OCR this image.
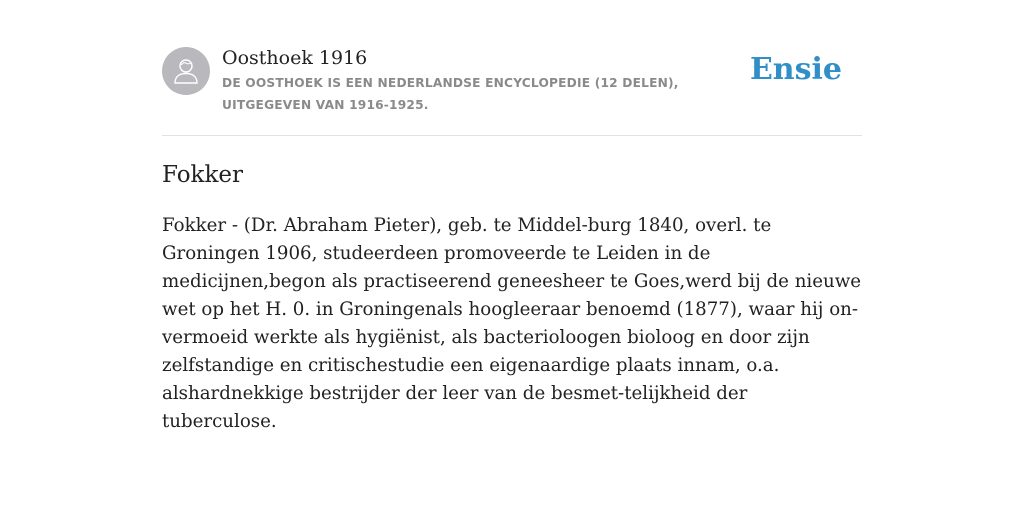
Oosthoek 1916

DE OOSTHOEK IS EEN NEDERLANDSE ENCYCLOPEDIE (12 DELEN), UITGEGEVEN VAN 1916-1925.

Ensie
Fokker

Fokker - (Dr. Abraham Pieter), geb. te Middel-burg 1840, overl. te Groningen 1906, studeerdeen promoveerde te Leiden in de medicijnen,begon als practiseerend geneesheer te Goes,werd bij de nieuwe wet op het H. 0. in Groningenals hoogleeraar benoemd (1877), waar hij on-vermoeid werkte als hygiënist, als bacterioloogen bioloog en door zijn zelfstandige en critischestudie een eigenaardige plaats innam, o.a. alshardnekkige bestrijder der leer van de besmet-telijkheid der tuberculose.
